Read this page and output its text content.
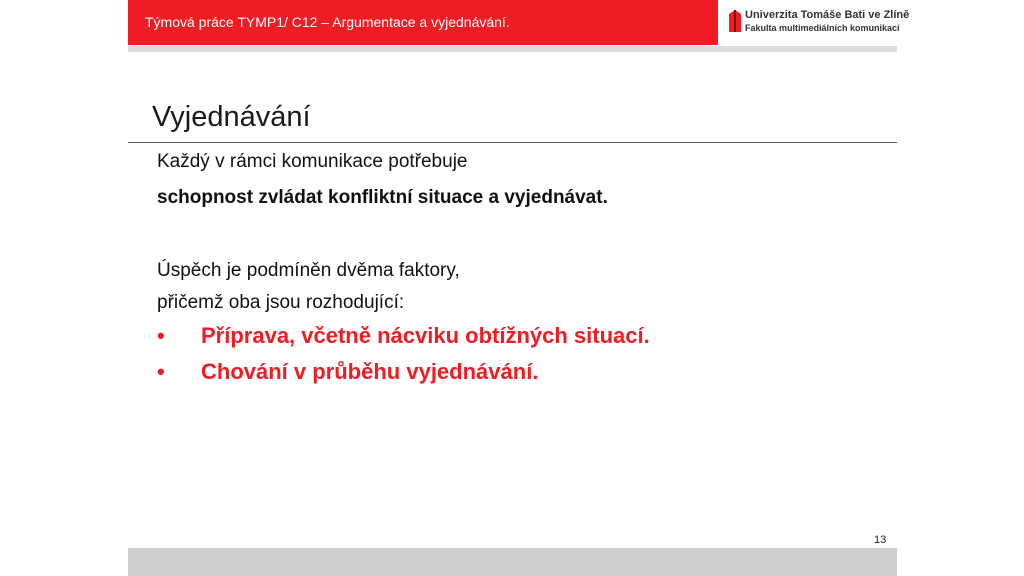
Týmová práce TYMP1/ C12 – Argumentace a vyjednávání.	Univerzita Tomáše Bati ve Zlíně
Fakulta multimediálních komunikací
Vyjednávání
Každý v rámci komunikace potřebuje
schopnost zvládat konfliktní situace a vyjednávat.
Úspěch je podmíněn dvěma faktory,
přičemž oba jsou rozhodující:
• Příprava, včetně nácviku obtížných situací.
• Chování v průběhu vyjednávání.
13
